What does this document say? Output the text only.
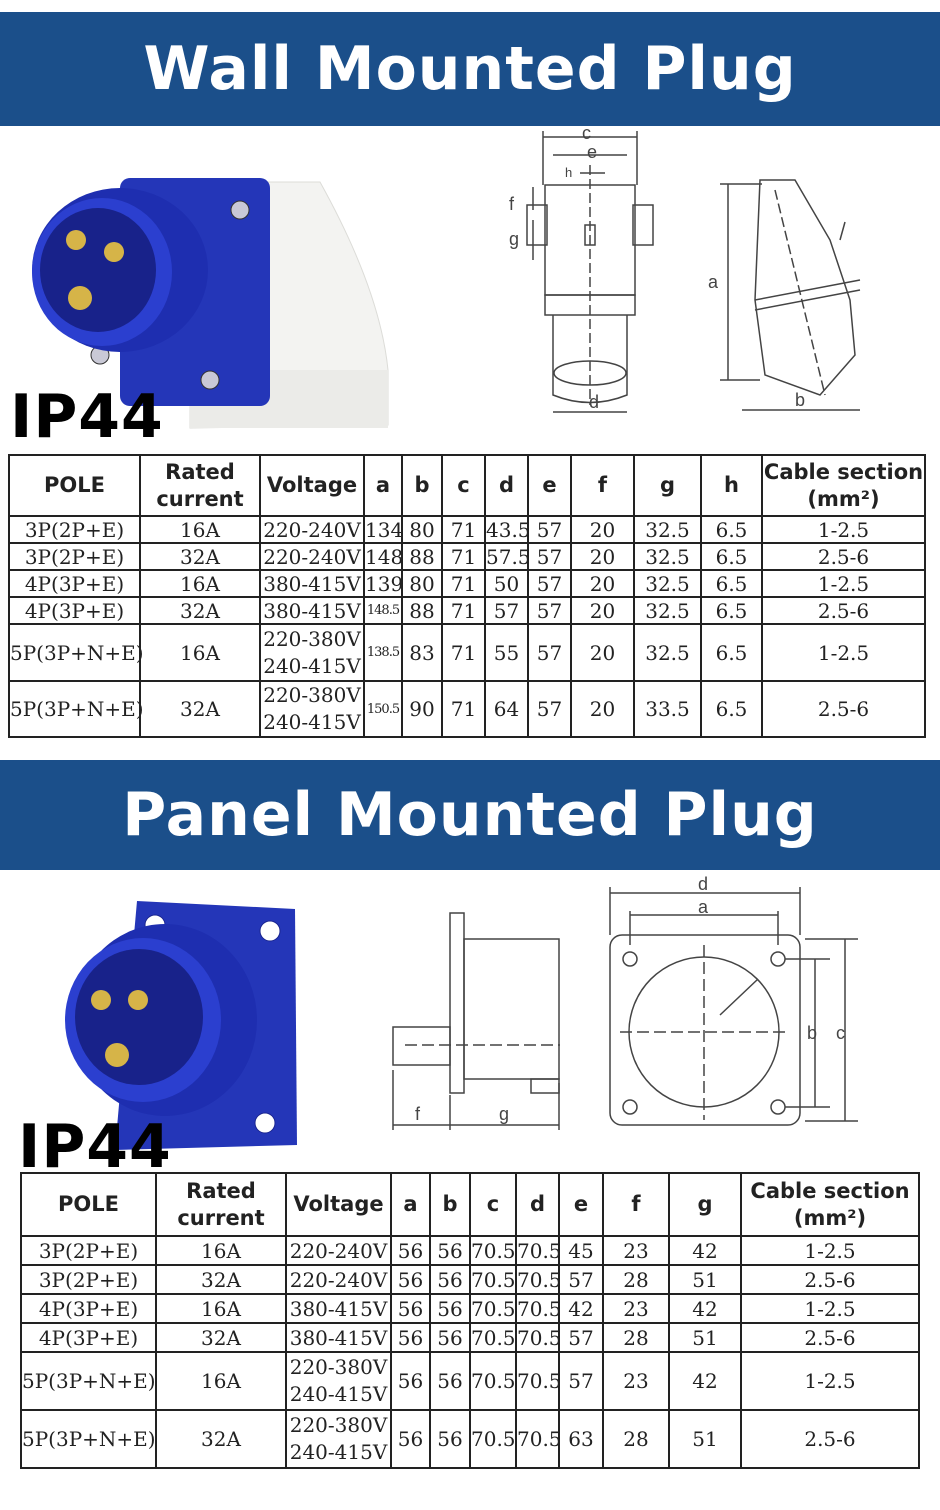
Wall Mounted Plug
IP44
c
e
h
f
g
d
a
b
POLE	Rated
current	Voltage	a	b	c	d	e	f	g	h	Cable section
(mm²)

3P(2P+E)	16A	220-240V	134	80	71	43.5	57	20	32.5	6.5	1-2.5
3P(2P+E)	32A	220-240V	148	88	71	57.5	57	20	32.5	6.5	2.5-6
4P(3P+E)	16A	380-415V	139	80	71	50	57	20	32.5	6.5	1-2.5
4P(3P+E)	32A	380-415V	148.5	88	71	57	57	20	32.5	6.5	2.5-6
5P(3P+N+E)	16A	220-380V
240-415V	138.5	83	71	55	57	20	32.5	6.5	1-2.5
5P(3P+N+E)	32A	220-380V
240-415V	150.5	90	71	64	57	20	33.5	6.5	2.5-6
Panel Mounted Plug
IP44	f	g
d
a
b c
POLE	Rated
current	Voltage	a	b	c	d	e	f	g	Cable section
(mm²)

3P(2P+E)	16A	220-240V	56	56	70.5	70.5	45	23	42	1-2.5
3P(2P+E)	32A	220-240V	56	56	70.5	70.5	57	28	51	2.5-6
4P(3P+E)	16A	380-415V	56	56	70.5	70.5	42	23	42	1-2.5
4P(3P+E)	32A	380-415V	56	56	70.5	70.5	57	28	51	2.5-6
5P(3P+N+E)	16A	220-380V
240-415V	56	56	70.5	70.5	57	23	42	1-2.5
5P(3P+N+E)	32A	220-380V
240-415V	56	56	70.5	70.5	63	28	51	2.5-6
